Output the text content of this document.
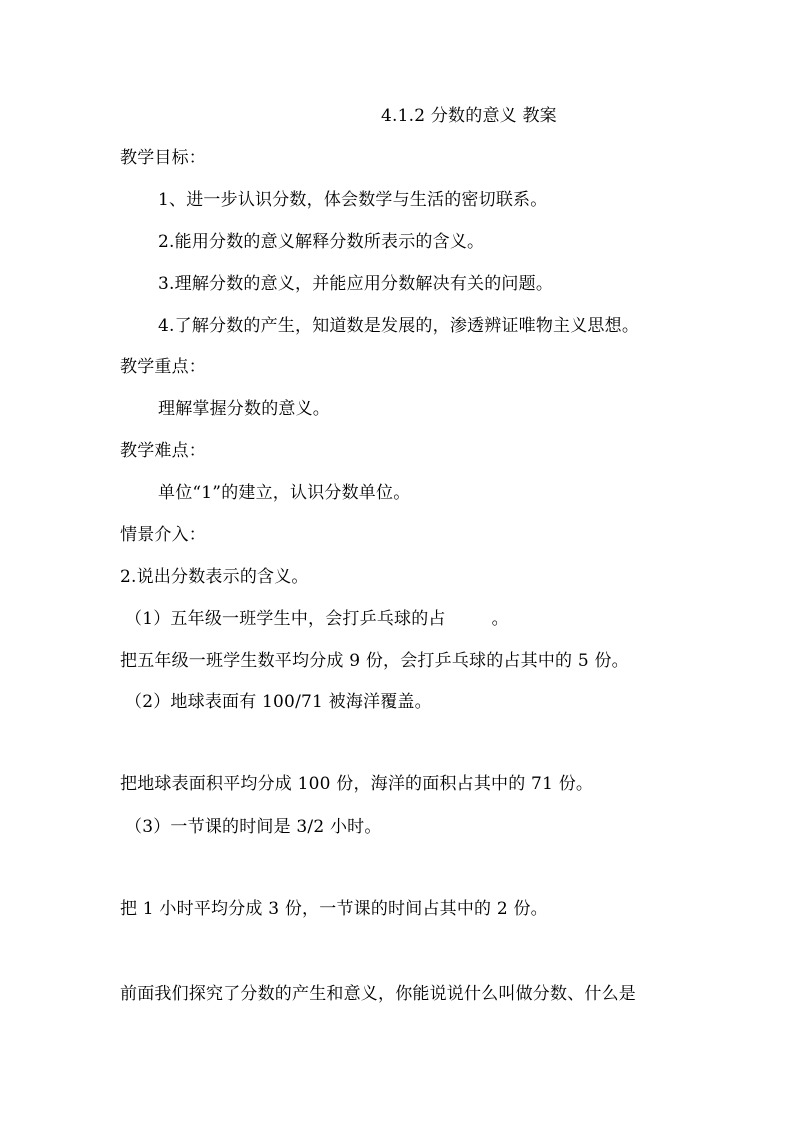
4.1.2 分数的意义 教案
教学目标：
1、进一步认识分数，体会数学与生活的密切联系。
2.能用分数的意义解释分数所表示的含义。
3.理解分数的意义，并能应用分数解决有关的问题。
4.了解分数的产生，知道数是发展的，渗透辨证唯物主义思想。
教学重点：
理解掌握分数的意义。
教学难点：
单位“1”的建立，认识分数单位。
情景介入：
2.说出分数表示的含义。
（1）五年级一班学生中，会打乒乓球的占	。
把五年级一班学生数平均分成 9 份，会打乒乓球的占其中的 5 份。
（2）地球表面有 100/71 被海洋覆盖。
把地球表面积平均分成 100 份，海洋的面积占其中的 71 份。
（3）一节课的时间是 3/2 小时。
把 1 小时平均分成 3 份，一节课的时间占其中的 2 份。
前面我们探究了分数的产生和意义，你能说说什么叫做分数、什么是
